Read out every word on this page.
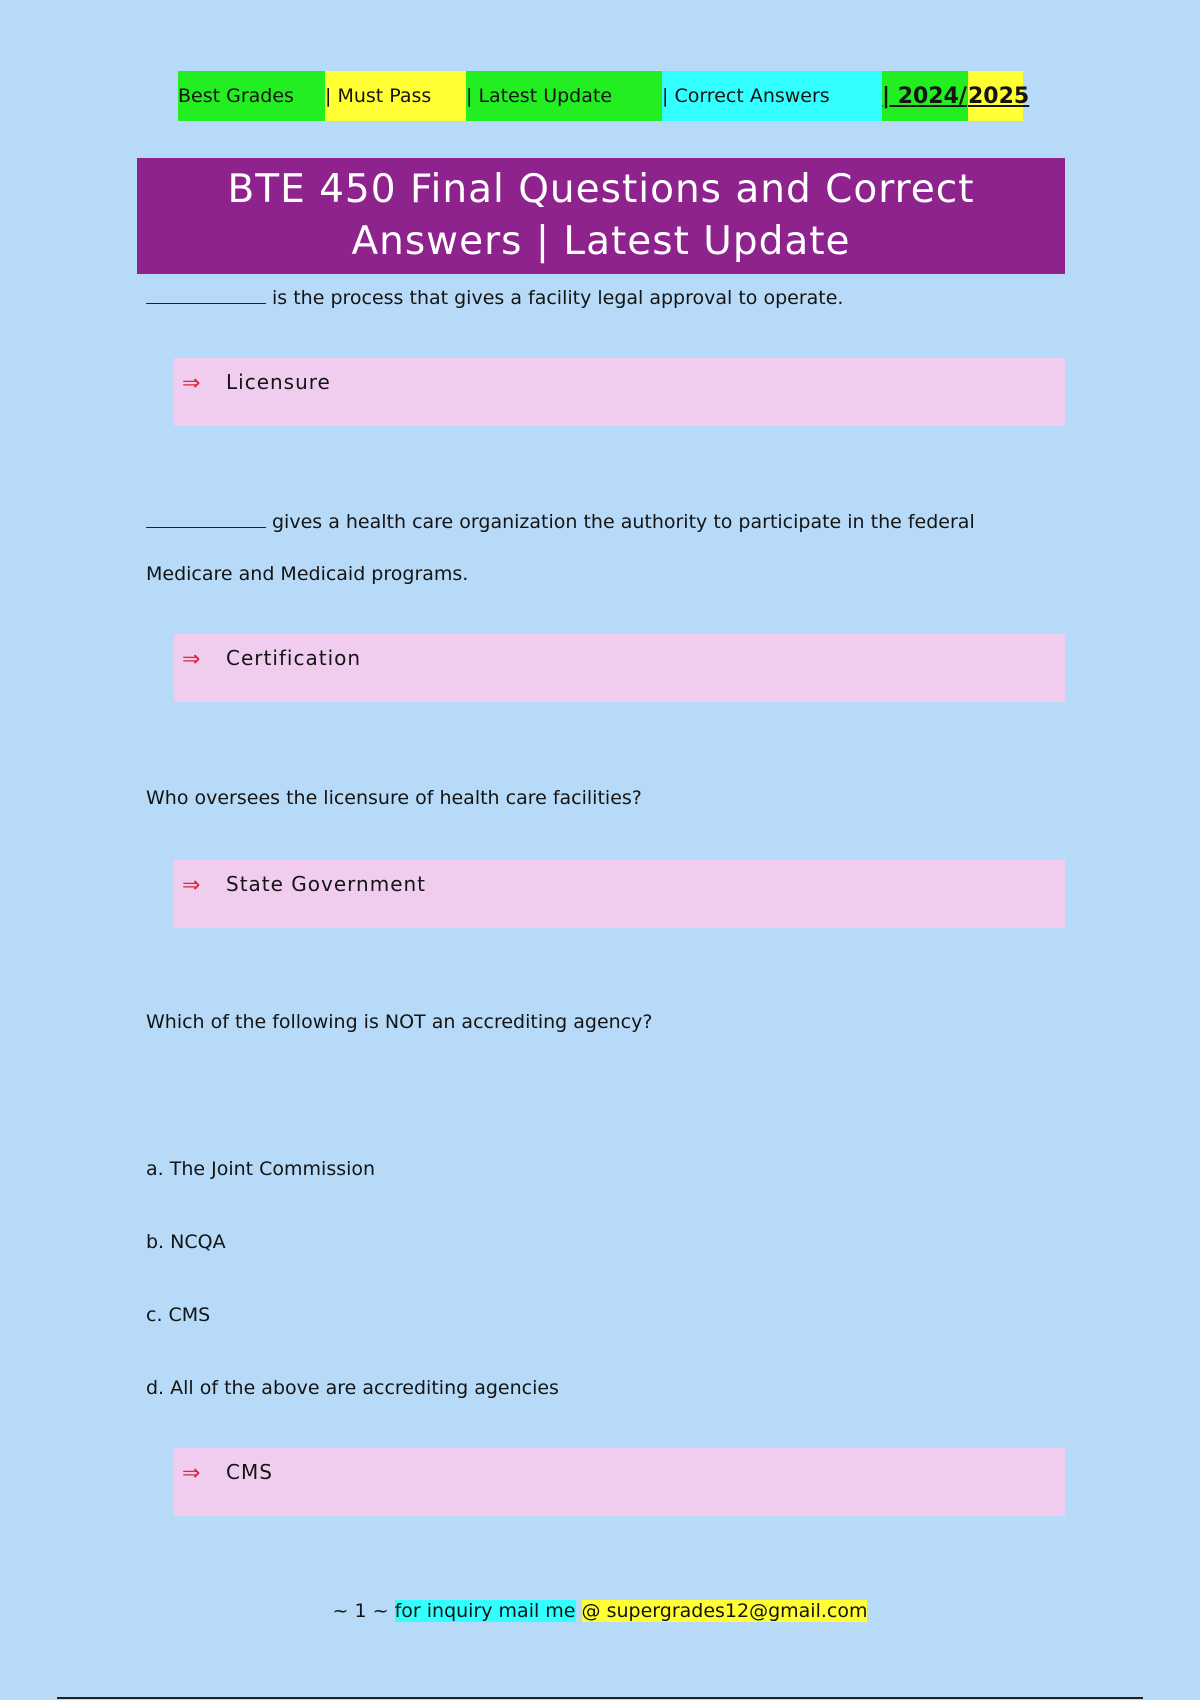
Best Grades	| Must Pass	| Latest Update	| Correct Answers	| 2024/ 2025
BTE 450 Final Questions and Correct
Answers | Latest Update
is the process that gives a facility legal approval to operate.
⇒ Licensure
gives a health care organization the authority to participate in the federal
Medicare and Medicaid programs.
⇒ Certification
Who oversees the licensure of health care facilities?
⇒ State Government
Which of the following is NOT an accrediting agency?
a. The Joint Commission
b. NCQA
c. CMS
d. All of the above are accrediting agencies
⇒ CMS
~ 1 ~ for inquiry mail me @ supergrades12@gmail.com
